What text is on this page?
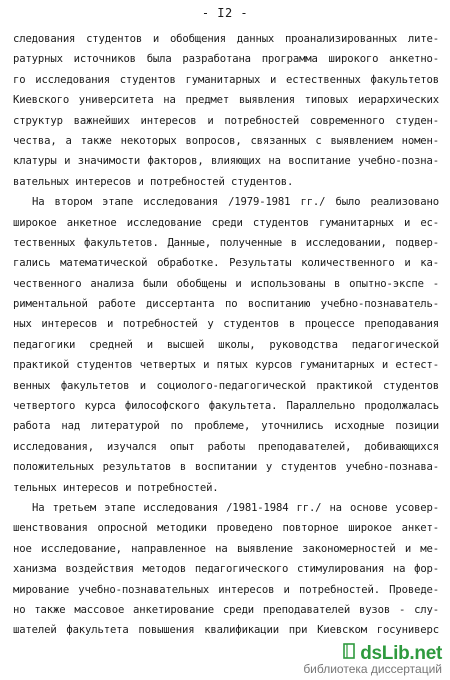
- I2 -
следования студентов и обобщения данных проанализированных лите-
ратурных источников была разработана программа широкого анкетно-
го исследования студентов гуманитарных и естественных факультетов
Киевского университета на предмет выявления типовых иерархических
структур важнейших интересов и потребностей современного студен-
чества, а также некоторых вопросов, связанных с выявлением номен-
клатуры и значимости факторов, влияющих на воспитание учебно-позна-
вательных интересов и потребностей студентов.
На втором этапе исследования /1979-1981 гг./ было реализовано
широкое анкетное исследование среди студентов гуманитарных и ес-
тественных факультетов. Данные, полученные в исследовании, подвер-
гались математической обработке. Результаты количественного и ка-
чественного анализа были обобщены и использованы в опытно-экспе -
риментальной работе диссертанта по воспитанию учебно-познаватель-
ных интересов и потребностей у студентов в процессе преподавания
педагогики средней и высшей школы, руководства педагогической
практикой студентов четвертых и пятых курсов гуманитарных и естест-
венных факультетов и социолого-педагогической практикой студентов
четвертого курса философского факультета. Параллельно продолжалась
работа над литературой по проблеме, уточнились исходные позиции
исследования, изучался опыт работы преподавателей, добивающихся
положительных результатов в воспитании у студентов учебно-познава-
тельных интересов и потребностей.
На третьем этапе исследования /1981-1984 гг./ на основе усовер-
шенствования опросной методики проведено повторное широкое анкет-
ное исследование, направленное на выявление закономерностей и ме-
ханизма воздействия методов педагогического стимулирования на фор-
мирование учебно-познавательных интересов и потребностей. Проведе-
но также массовое анкетирование среди преподавателей вузов - слу-
шателей факультета повышения квалификации при Киевском госуниверс
dsLib.net
библиотека диссертаций
